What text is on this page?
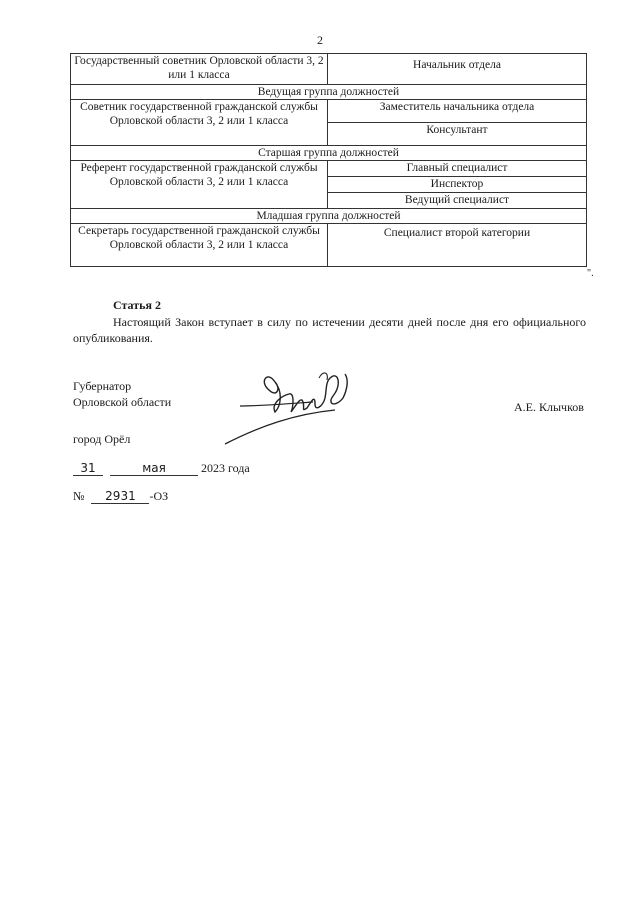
2
Государственный советник Орловской области 3, 2 или 1 класса	Начальник отдела
Ведущая группа должностей	
Советник государственной гражданской службы Орловской области 3, 2 или 1 класса	Заместитель начальника отдела
	Консультант
Старшая группа должностей	
Референт государственной гражданской службы Орловской области 3, 2 или 1 класса	Главный специалист
	Инспектор
	Ведущий специалист
Младшая группа должностей	
Секретарь государственной гражданской службы Орловской области 3, 2 или 1 класса	Специалист второй категории
".
Статья 2
Настоящий Закон вступает в силу по истечении десяти дней после дня его официального опубликования.
Губернатор
Орловской области	А.Е. Клычков
город Орёл
31	мая	2023 года
№ 2931 -ОЗ
